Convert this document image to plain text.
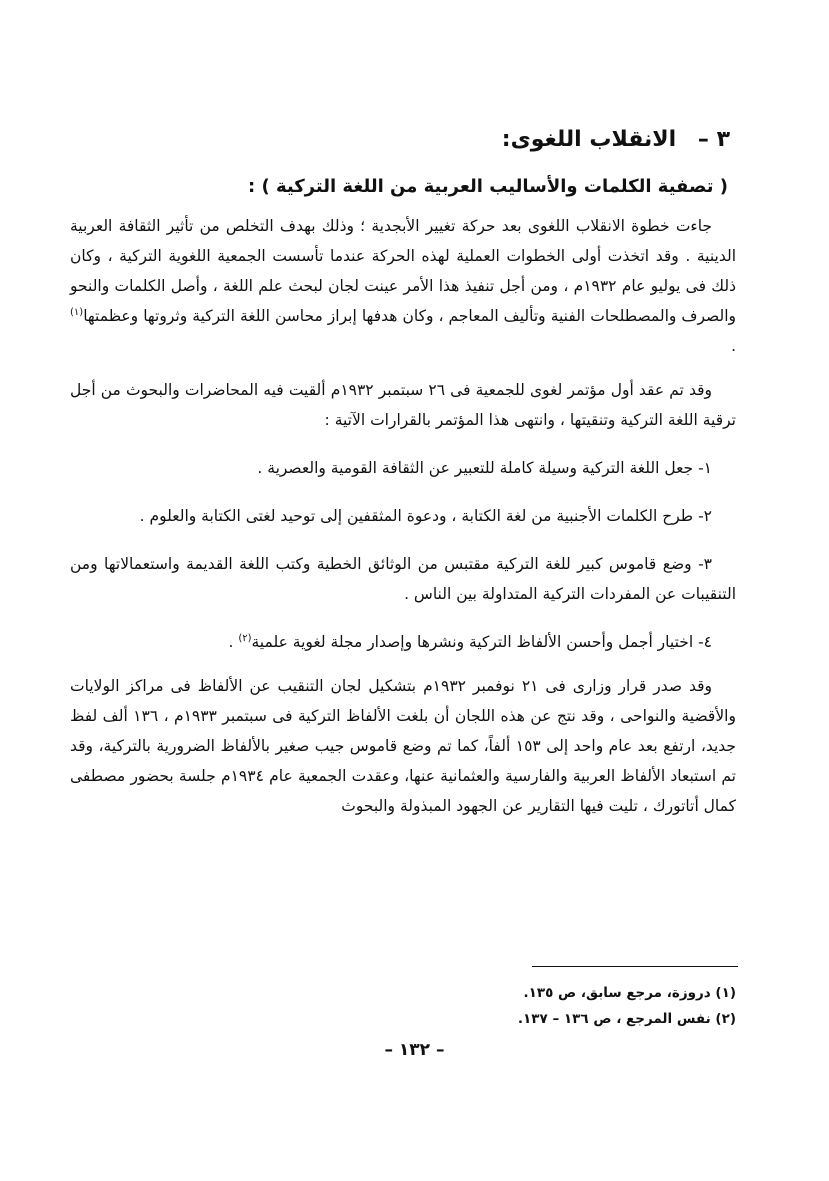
٣ – الانقلاب اللغوى:
( تصفية الكلمات والأساليب العربية من اللغة التركية ) :

جاءت خطوة الانقلاب اللغوى بعد حركة تغيير الأبجدية ؛ وذلك بهدف التخلص من تأثير الثقافة العربية الدينية . وقد اتخذت أولى الخطوات العملية لهذه الحركة عندما تأسست الجمعية اللغوية التركية ، وكان ذلك فى يوليو عام ١٩٣٢م ، ومن أجل تنفيذ هذا الأمر عينت لجان لبحث علم اللغة ، وأصل الكلمات والنحو والصرف والمصطلحات الفنية وتأليف المعاجم ، وكان هدفها إبراز محاسن اللغة التركية وثروتها وعظمتها$^{(١)}$ .

وقد تم عقد أول مؤتمر لغوى للجمعية فى ٢٦ سبتمبر ١٩٣٢م ألقيت فيه المحاضرات والبحوث من أجل ترقية اللغة التركية وتنقيتها ، وانتهى هذا المؤتمر بالقرارات الآتية :

١- جعل اللغة التركية وسيلة كاملة للتعبير عن الثقافة القومية والعصرية .

٢- طرح الكلمات الأجنبية من لغة الكتابة ، ودعوة المثقفين إلى توحيد لغتى الكتابة والعلوم .

٣- وضع قاموس كبير للغة التركية مقتبس من الوثائق الخطية وكتب اللغة القديمة واستعمالاتها ومن التنقيبات عن المفردات التركية المتداولة بين الناس .

٤- اختيار أجمل وأحسن الألفاظ التركية ونشرها وإصدار مجلة لغوية علمية$^{(٢)}$ .

وقد صدر قرار وزارى فى ٢١ نوفمبر ١٩٣٢م بتشكيل لجان التنقيب عن الألفاظ فى مراكز الولايات والأقضية والنواحى ، وقد نتج عن هذه اللجان أن بلغت الألفاظ التركية فى سبتمبر ١٩٣٣م ، ١٣٦ ألف لفظ جديد، ارتفع بعد عام واحد إلى ١٥٣ ألفاً، كما تم وضع قاموس جيب صغير بالألفاظ الضرورية بالتركية، وقد تم استبعاد الألفاظ العربية والفارسية والعثمانية عنها، وعقدت الجمعية عام ١٩٣٤م جلسة بحضور مصطفى كمال أتاتورك ، تليت فيها التقارير عن الجهود المبذولة والبحوث

(١) دروزة، مرجع سابق، ص ١٣٥.
(٢) نفس المرجع ، ص ١٣٦ – ١٣٧.
– ١٣٢ –
